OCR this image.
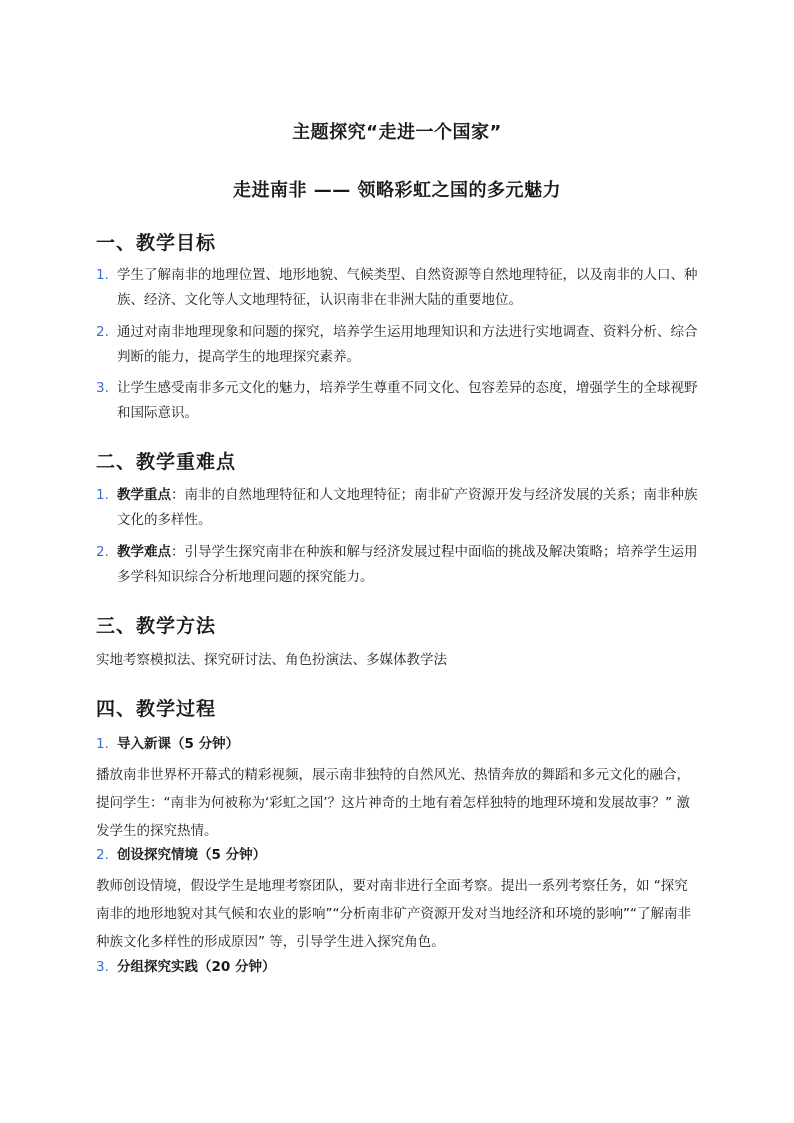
主题探究“走进一个国家”
走进南非 —— 领略彩虹之国的多元魅力
一、教学目标
1. 学生了解南非的地理位置、地形地貌、气候类型、自然资源等自然地理特征，以及南非的人口、种族、经济、文化等人文地理特征，认识南非在非洲大陆的重要地位。
2. 通过对南非地理现象和问题的探究，培养学生运用地理知识和方法进行实地调查、资料分析、综合判断的能力，提高学生的地理探究素养。
3. 让学生感受南非多元文化的魅力，培养学生尊重不同文化、包容差异的态度，增强学生的全球视野和国际意识。
二、教学重难点
1. 教学重点：南非的自然地理特征和人文地理特征；南非矿产资源开发与经济发展的关系；南非种族文化的多样性。
2. 教学难点：引导学生探究南非在种族和解与经济发展过程中面临的挑战及解决策略；培养学生运用多学科知识综合分析地理问题的探究能力。
三、教学方法
实地考察模拟法、探究研讨法、角色扮演法、多媒体教学法
四、教学过程
1. 导入新课（5 分钟）
播放南非世界杯开幕式的精彩视频，展示南非独特的自然风光、热情奔放的舞蹈和多元文化的融合，提问学生：“南非为何被称为‘彩虹之国’？这片神奇的土地有着怎样独特的地理环境和发展故事？” 激发学生的探究热情。
2. 创设探究情境（5 分钟）
教师创设情境，假设学生是地理考察团队，要对南非进行全面考察。提出一系列考察任务，如 “探究南非的地形地貌对其气候和农业的影响”“分析南非矿产资源开发对当地经济和环境的影响”“了解南非种族文化多样性的形成原因” 等，引导学生进入探究角色。
3. 分组探究实践（20 分钟）
